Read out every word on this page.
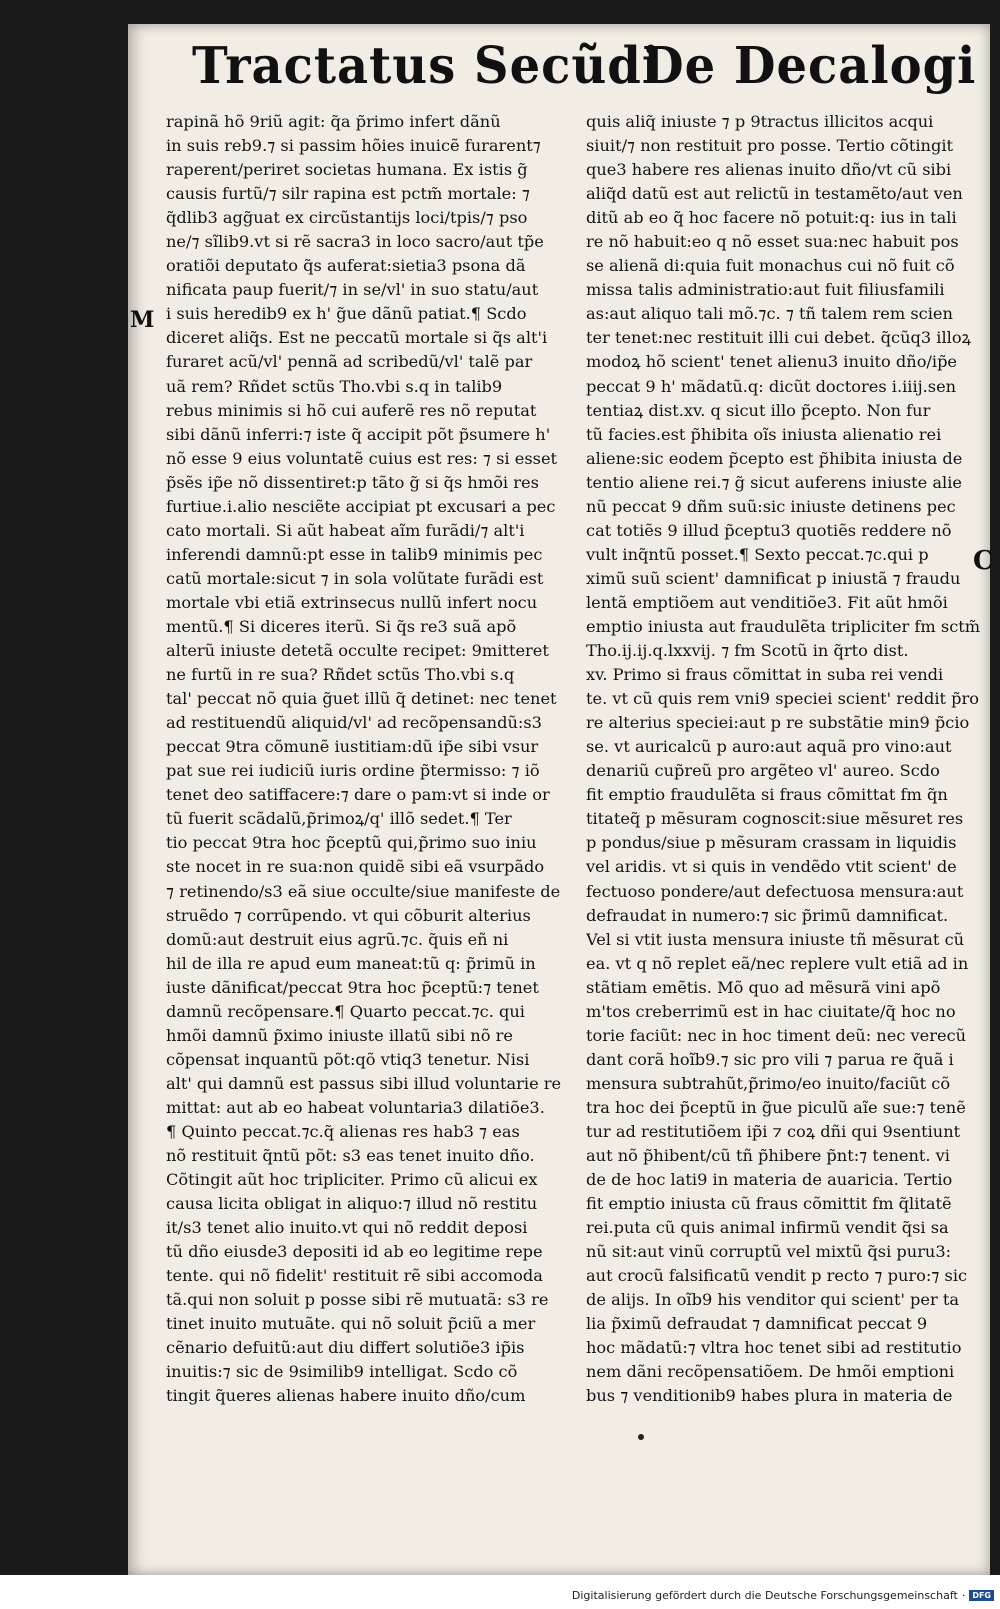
Tractatus Secũdi
De Decalogi
M
C
rapinã hõ 9riũ agit: q̃a p̃rimo infert dãnũ
in suis reb9.⁊ si passim hõies inuicẽ furarent⁊
raperent/periret societas humana. Ex istis g̃
causis furtũ/⁊ silr rapina est pctm̃ mortale: ⁊
q̃dlib3 agg̃uat ex circũstantijs loci/tpis/⁊ pso
ne/⁊ sĩlib9.vt si rẽ sacra3 in loco sacro/aut tp̃e
oratiõi deputato q̃s auferat:sietia3 psona dã
nificata paup fuerit/⁊ in se/vl' in suo statu/aut
i suis heredib9 ex h' g̃ue dãnũ patiat.¶ Scdo
diceret aliq̃s. Est ne peccatũ mortale si q̃s alt'i
furaret acũ/vl' pennã ad scribedũ/vl' talẽ par
uã rem? Rñdet sctũs Tho.vbi s.q in talib9
rebus minimis si hõ cui auferẽ res nõ reputat
sibi dãnũ inferri:⁊ iste q̃ accipit põt p̃sumere h'
nõ esse 9 eius voluntatẽ cuius est res: ⁊ si esset
p̃sẽs ip̃e nõ dissentiret:p tãto g̃ si q̃s hmõi res
furtiue.i.alio nesciẽte accipiat pt excusari a pec
cato mortali. Si aũt habeat aĩm furãdi/⁊ alt'i
inferendi damnũ:pt esse in talib9 minimis pec
catũ mortale:sicut ⁊ in sola volũtate furãdi est
mortale vbi etiã extrinsecus nullũ infert nocu
mentũ.¶ Si diceres iterũ. Si q̃s re3 suã apõ
alterũ iniuste detetã occulte recipet: 9mitteret
ne furtũ in re sua? Rñdet sctũs Tho.vbi s.q
tal' peccat nõ quia g̃uet illũ q̃ detinet: nec tenet
ad restituendũ aliquid/vl' ad recõpensandũ:s3
peccat 9tra cõmunẽ iustitiam:dũ ip̃e sibi vsur
pat sue rei iudiciũ iuris ordine p̃termisso: ⁊ iõ
tenet deo satiffacere:⁊ dare o pam:vt si inde or
tũ fuerit scãdalũ,p̃rimoꝝ/q' illõ sedet.¶ Ter
tio peccat 9tra hoc p̃ceptũ qui,p̃rimo suo iniu
ste nocet in re sua:non quidẽ sibi eã vsurpãdo
⁊ retinendo/s3 eã siue occulte/siue manifeste de
struẽdo ⁊ corrũpendo. vt qui cõburit alterius
domũ:aut destruit eius agrũ.⁊c. q̃uis eñ ni
hil de illa re apud eum maneat:tũ q: p̃rimũ in
iuste dãnificat/peccat 9tra hoc p̃ceptũ:⁊ tenet
damnũ recõpensare.¶ Quarto peccat.⁊c. qui
hmõi damnũ p̃ximo iniuste illatũ sibi nõ re
cõpensat inquantũ põt:qõ vtiq3 tenetur. Nisi
alt' qui damnũ est passus sibi illud voluntarie re
mittat: aut ab eo habeat voluntaria3 dilatiõe3.
¶ Quinto peccat.⁊c.q̃ alienas res hab3 ⁊ eas
nõ restituit q̃ntũ põt: s3 eas tenet inuito dño.
Cõtingit aũt hoc tripliciter. Primo cũ alicui ex
causa licita obligat in aliquo:⁊ illud nõ restitu
it/s3 tenet alio inuito.vt qui nõ reddit deposi
tũ dño eiusde3 depositi id ab eo legitime repe
tente. qui nõ fidelit' restituit rẽ sibi accomoda
tã.qui non soluit p posse sibi rẽ mutuatã: s3 re
tinet inuito mutuãte. qui nõ soluit p̃ciũ a mer
cẽnario defuitũ:aut diu differt solutiõe3 ip̃is
inuitis:⁊ sic de 9similib9 intelligat. Scdo cõ
tingit q̃ueres alienas habere inuito dño/cum
quis aliq̃ iniuste ⁊ p 9tractus illicitos acqui
siuit/⁊ non restituit pro posse. Tertio cõtingit
que3 habere res alienas inuito dño/vt cũ sibi
aliq̃d datũ est aut relictũ in testamẽto/aut ven
ditũ ab eo q̃ hoc facere nõ potuit:q: ius in tali
re nõ habuit:eo q nõ esset sua:nec habuit pos
se alienã di:quia fuit monachus cui nõ fuit cõ
missa talis administratio:aut fuit filiusfamili
as:aut aliquo tali mõ.⁊c. ⁊ tñ talem rem scien
ter tenet:nec restituit illi cui debet. q̃cũq3 illoꝝ
modoꝝ hõ scient' tenet alienu3 inuito dño/ip̃e
peccat 9 h' mãdatũ.q: dicũt doctores i.iiij.sen
tentiaꝝ dist.xv. q sicut illo p̃cepto. Non fur
tũ facies.est p̃hibita oĩs iniusta alienatio rei
aliene:sic eodem p̃cepto est p̃hibita iniusta de
tentio aliene rei.⁊ g̃ sicut auferens iniuste alie
nũ peccat 9 dñm suũ:sic iniuste detinens pec
cat totiẽs 9 illud p̃ceptu3 quotiẽs reddere nõ
vult inq̃ntũ posset.¶ Sexto peccat.⁊c.qui p
ximũ suũ scient' damnificat p iniustã ⁊ fraudu
lentã emptiõem aut venditiõe3. Fit aũt hmõi
emptio iniusta aut fraudulẽta tripliciter fm sctm̃
Tho.ij.ij.q.lxxvij. ⁊ fm Scotũ in q̃rto dist.
xv. Primo si fraus cõmittat in suba rei vendi
te. vt cũ quis rem vni9 speciei scient' reddit p̃ro
re alterius speciei:aut p re substãtie min9 p̃cio
se. vt auricalcũ p auro:aut aquã pro vino:aut
denariũ cup̃reũ pro argẽteo vl' aureo. Scdo
fit emptio fraudulẽta si fraus cõmittat fm q̃n
titateq̃ p mẽsuram cognoscit:siue mẽsuret res
p pondus/siue p mẽsuram crassam in liquidis
vel aridis. vt si quis in vendẽdo vtit scient' de
fectuoso pondere/aut defectuosa mensura:aut
defraudat in numero:⁊ sic p̃rimũ damnificat.
Vel si vtit iusta mensura iniuste tñ mẽsurat cũ
ea. vt q nõ replet eã/nec replere vult etiã ad in
stãtiam emẽtis. Mõ quo ad mẽsurã vini apõ
m'tos creberrimũ est in hac ciuitate/q̃ hoc no
torie faciũt: nec in hoc timent deũ: nec verecũ
dant corã hoĩb9.⁊ sic pro vili ⁊ parua re q̃uã i
mensura subtrahũt,p̃rimo/eo inuito/faciũt cõ
tra hoc dei p̃ceptũ in g̃ue piculũ aĩe sue:⁊ tenẽ
tur ad restitutiõem ip̃i ⁊ coꝝ dñi qui 9sentiunt
aut nõ p̃hibent/cũ tñ p̃hibere p̃nt:⁊ tenent. vi
de de hoc lati9 in materia de auaricia. Tertio
fit emptio iniusta cũ fraus cõmittit fm q̃litatẽ
rei.puta cũ quis animal infirmũ vendit q̃si sa
nũ sit:aut vinũ corruptũ vel mixtũ q̃si puru3:
aut crocũ falsificatũ vendit p recto ⁊ puro:⁊ sic
de alijs. In oĩb9 his venditor qui scient' per ta
lia p̃ximũ defraudat ⁊ damnificat peccat 9
hoc mãdatũ:⁊ vltra hoc tenet sibi ad restitutio
nem dãni recõpensatiõem. De hmõi emptioni
bus ⁊ venditionib9 habes plura in materia de
Digitalisierung gefördert durch die Deutsche Forschungsgemeinschaft · DFG
